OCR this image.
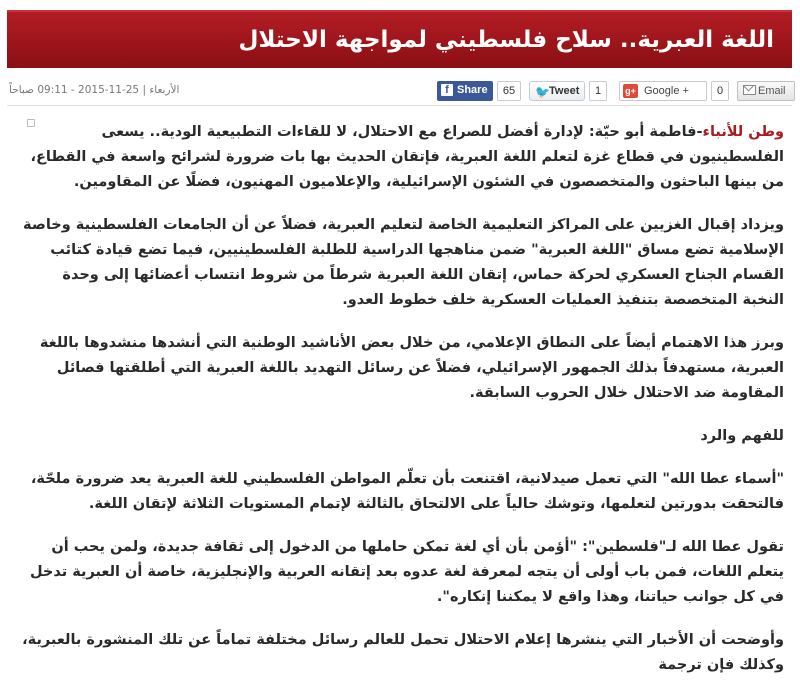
اللغة العبرية.. سلاح فلسطيني لمواجهة الاحتلال
الأربعاء | 25-11-2015 - 09:11 صباحاً	f Share	65	🐦 Tweet	1	g+ Google +	0	Email

وطن للأنباء-فاطمة أبو حيّة: لإدارة أفضل للصراع مع الاحتلال، لا للقاءات التطبيعية الودية.. يسعى الفلسطينيون في قطاع غزة لتعلم اللغة العبرية، فإتقان الحديث بها بات ضرورة لشرائح واسعة في القطاع، من بينها الباحثون والمتخصصون في الشئون الإسرائيلية، والإعلاميون المهنيون، فضلًا عن المقاومين.

ويزداد إقبال الغزيين على المراكز التعليمية الخاصة لتعليم العبرية، فضلاً عن أن الجامعات الفلسطينية وخاصة الإسلامية تضع مساق "اللغة العبرية" ضمن مناهجها الدراسية للطلبة الفلسطينيين، فيما تضع قيادة كتائب القسام الجناح العسكري لحركة حماس، إتقان اللغة العبرية شرطاً من شروط انتساب أعضائها إلى وحدة النخبة المتخصصة بتنفيذ العمليات العسكرية خلف خطوط العدو.

وبرز هذا الاهتمام أيضاً على النطاق الإعلامي، من خلال بعض الأناشيد الوطنية التي أنشدها منشدوها باللغة العبرية، مستهدفاً بذلك الجمهور الإسرائيلي، فضلاً عن رسائل التهديد باللغة العبرية التي أطلقتها فصائل المقاومة ضد الاحتلال خلال الحروب السابقة.

للفهم والرد

"أسماء عطا الله" التي تعمل صيدلانية، اقتنعت بأن تعلّم المواطن الفلسطيني للغة العبرية يعد ضرورة ملحّة، فالتحقت بدورتين لتعلمها، وتوشك حالياً على الالتحاق بالثالثة لإتمام المستويات الثلاثة لإتقان اللغة.

تقول عطا الله لـ"فلسطين": "أؤمن بأن أي لغة تمكن حاملها من الدخول إلى ثقافة جديدة، ولمن يحب أن يتعلم اللغات، فمن باب أولى أن يتجه لمعرفة لغة عدوه بعد إتقانه العربية والإنجليزية، خاصة أن العبرية تدخل في كل جوانب حياتنا، وهذا واقع لا يمكننا إنكاره".

وأوضحت أن الأخبار التي ينشرها إعلام الاحتلال تحمل للعالم رسائل مختلفة تماماً عن تلك المنشورة بالعبرية، وكذلك فإن ترجمة
